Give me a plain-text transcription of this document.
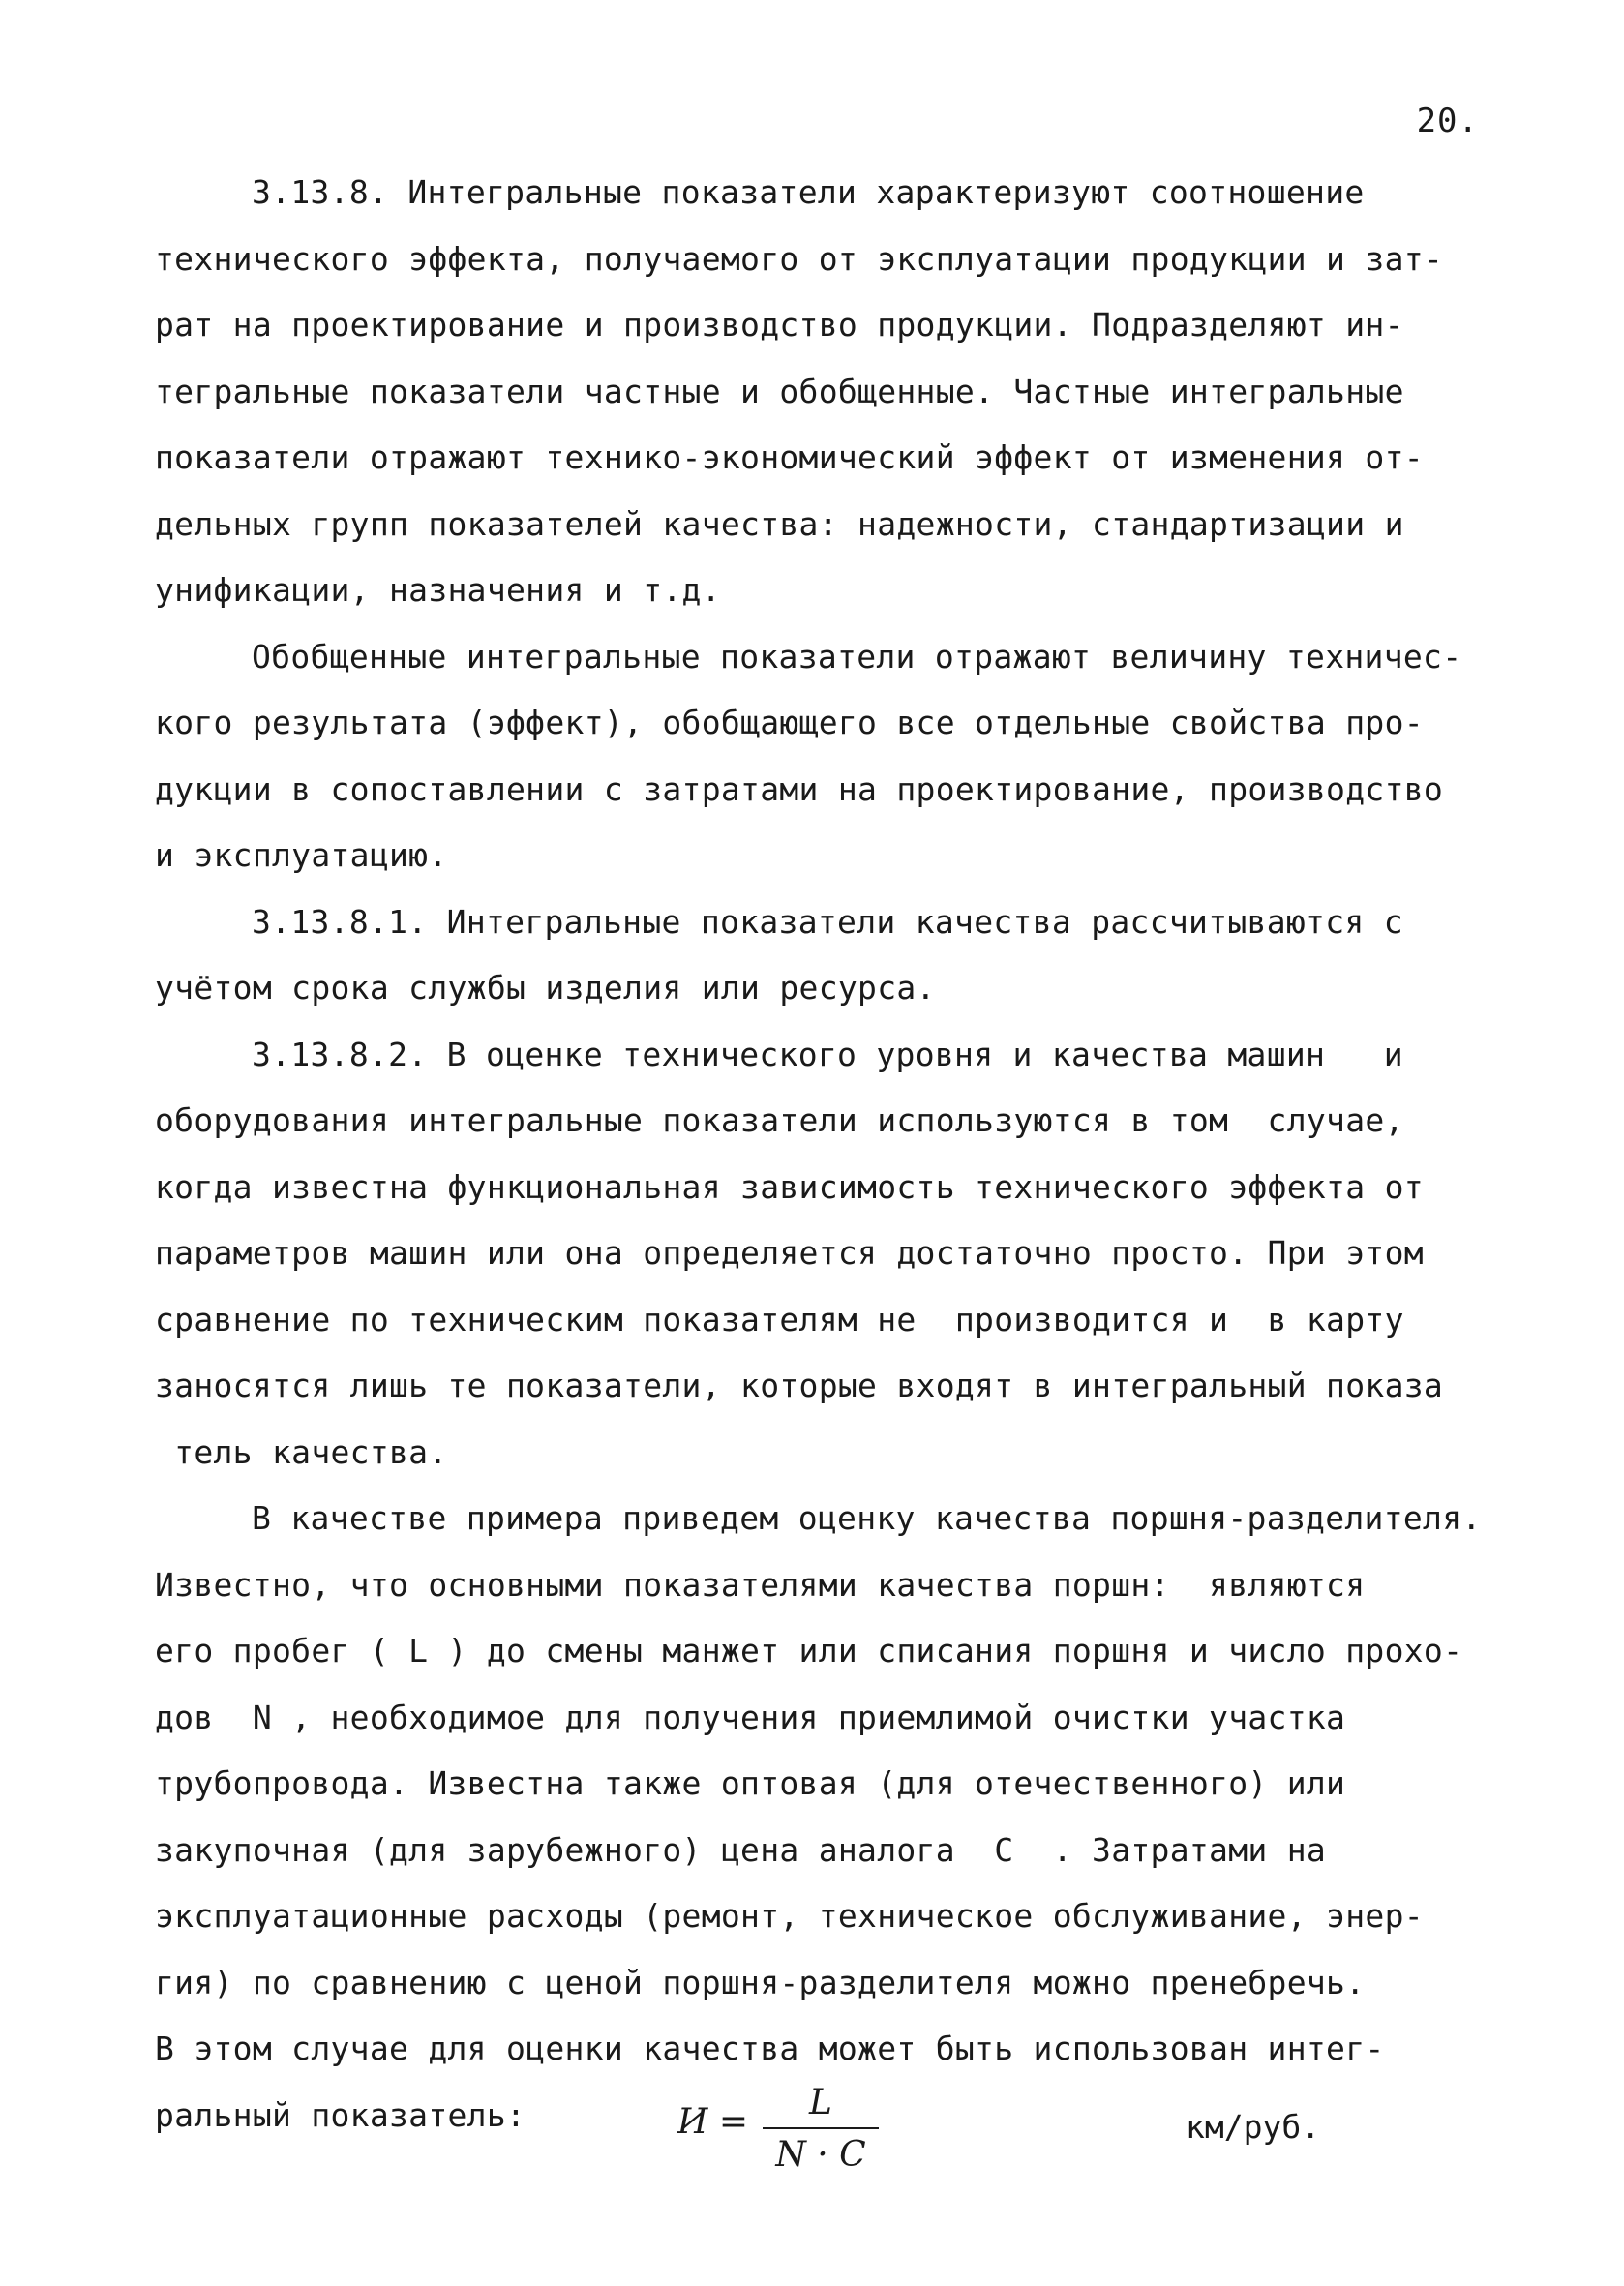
20.
3.13.8. Интегральные показатели характеризуют соотношение
технического эффекта, получаемого от эксплуатации продукции и зат-
рат на проектирование и производство продукции. Подразделяют ин-
тегральные показатели частные и обобщенные. Частные интегральные
показатели отражают технико-экономический эффект от изменения от-
дельных групп показателей качества: надежности, стандартизации и
унификации, назначения и т.д.
Обобщенные интегральные показатели отражают величину техничес-
кого результата (эффект), обобщающего все отдельные свойства про-
дукции в сопоставлении с затратами на проектирование, производство
и эксплуатацию.
3.13.8.1. Интегральные показатели качества рассчитываются с
учётом срока службы изделия или ресурса.
3.13.8.2. В оценке технического уровня и качества машин   и
оборудования интегральные показатели используются в том  случае,
когда известна функциональная зависимость технического эффекта от
параметров машин или она определяется достаточно просто. При этом
сравнение по техническим показателям не  производится и  в карту
заносятся лишь те показатели, которые входят в интегральный показа
тель качества.
В качестве примера приведем оценку качества поршня-разделителя.
Известно, что основными показателями качества поршн:  являются
его пробег ( L ) до смены манжет или списания поршня и число прохо-
дов  N , необходимое для получения приемлимой очистки участка
трубопровода. Известна также оптовая (для отечественного) или
закупочная (для зарубежного) цена аналога  С  . Затратами на
эксплуатационные расходы (ремонт, техническое обслуживание, энер-
гия) по сравнению с ценой поршня-разделителя можно пренебречь.
В этом случае для оценки качества может быть использован интег-
ральный показатель:	И =	L
N · C
км/руб.
